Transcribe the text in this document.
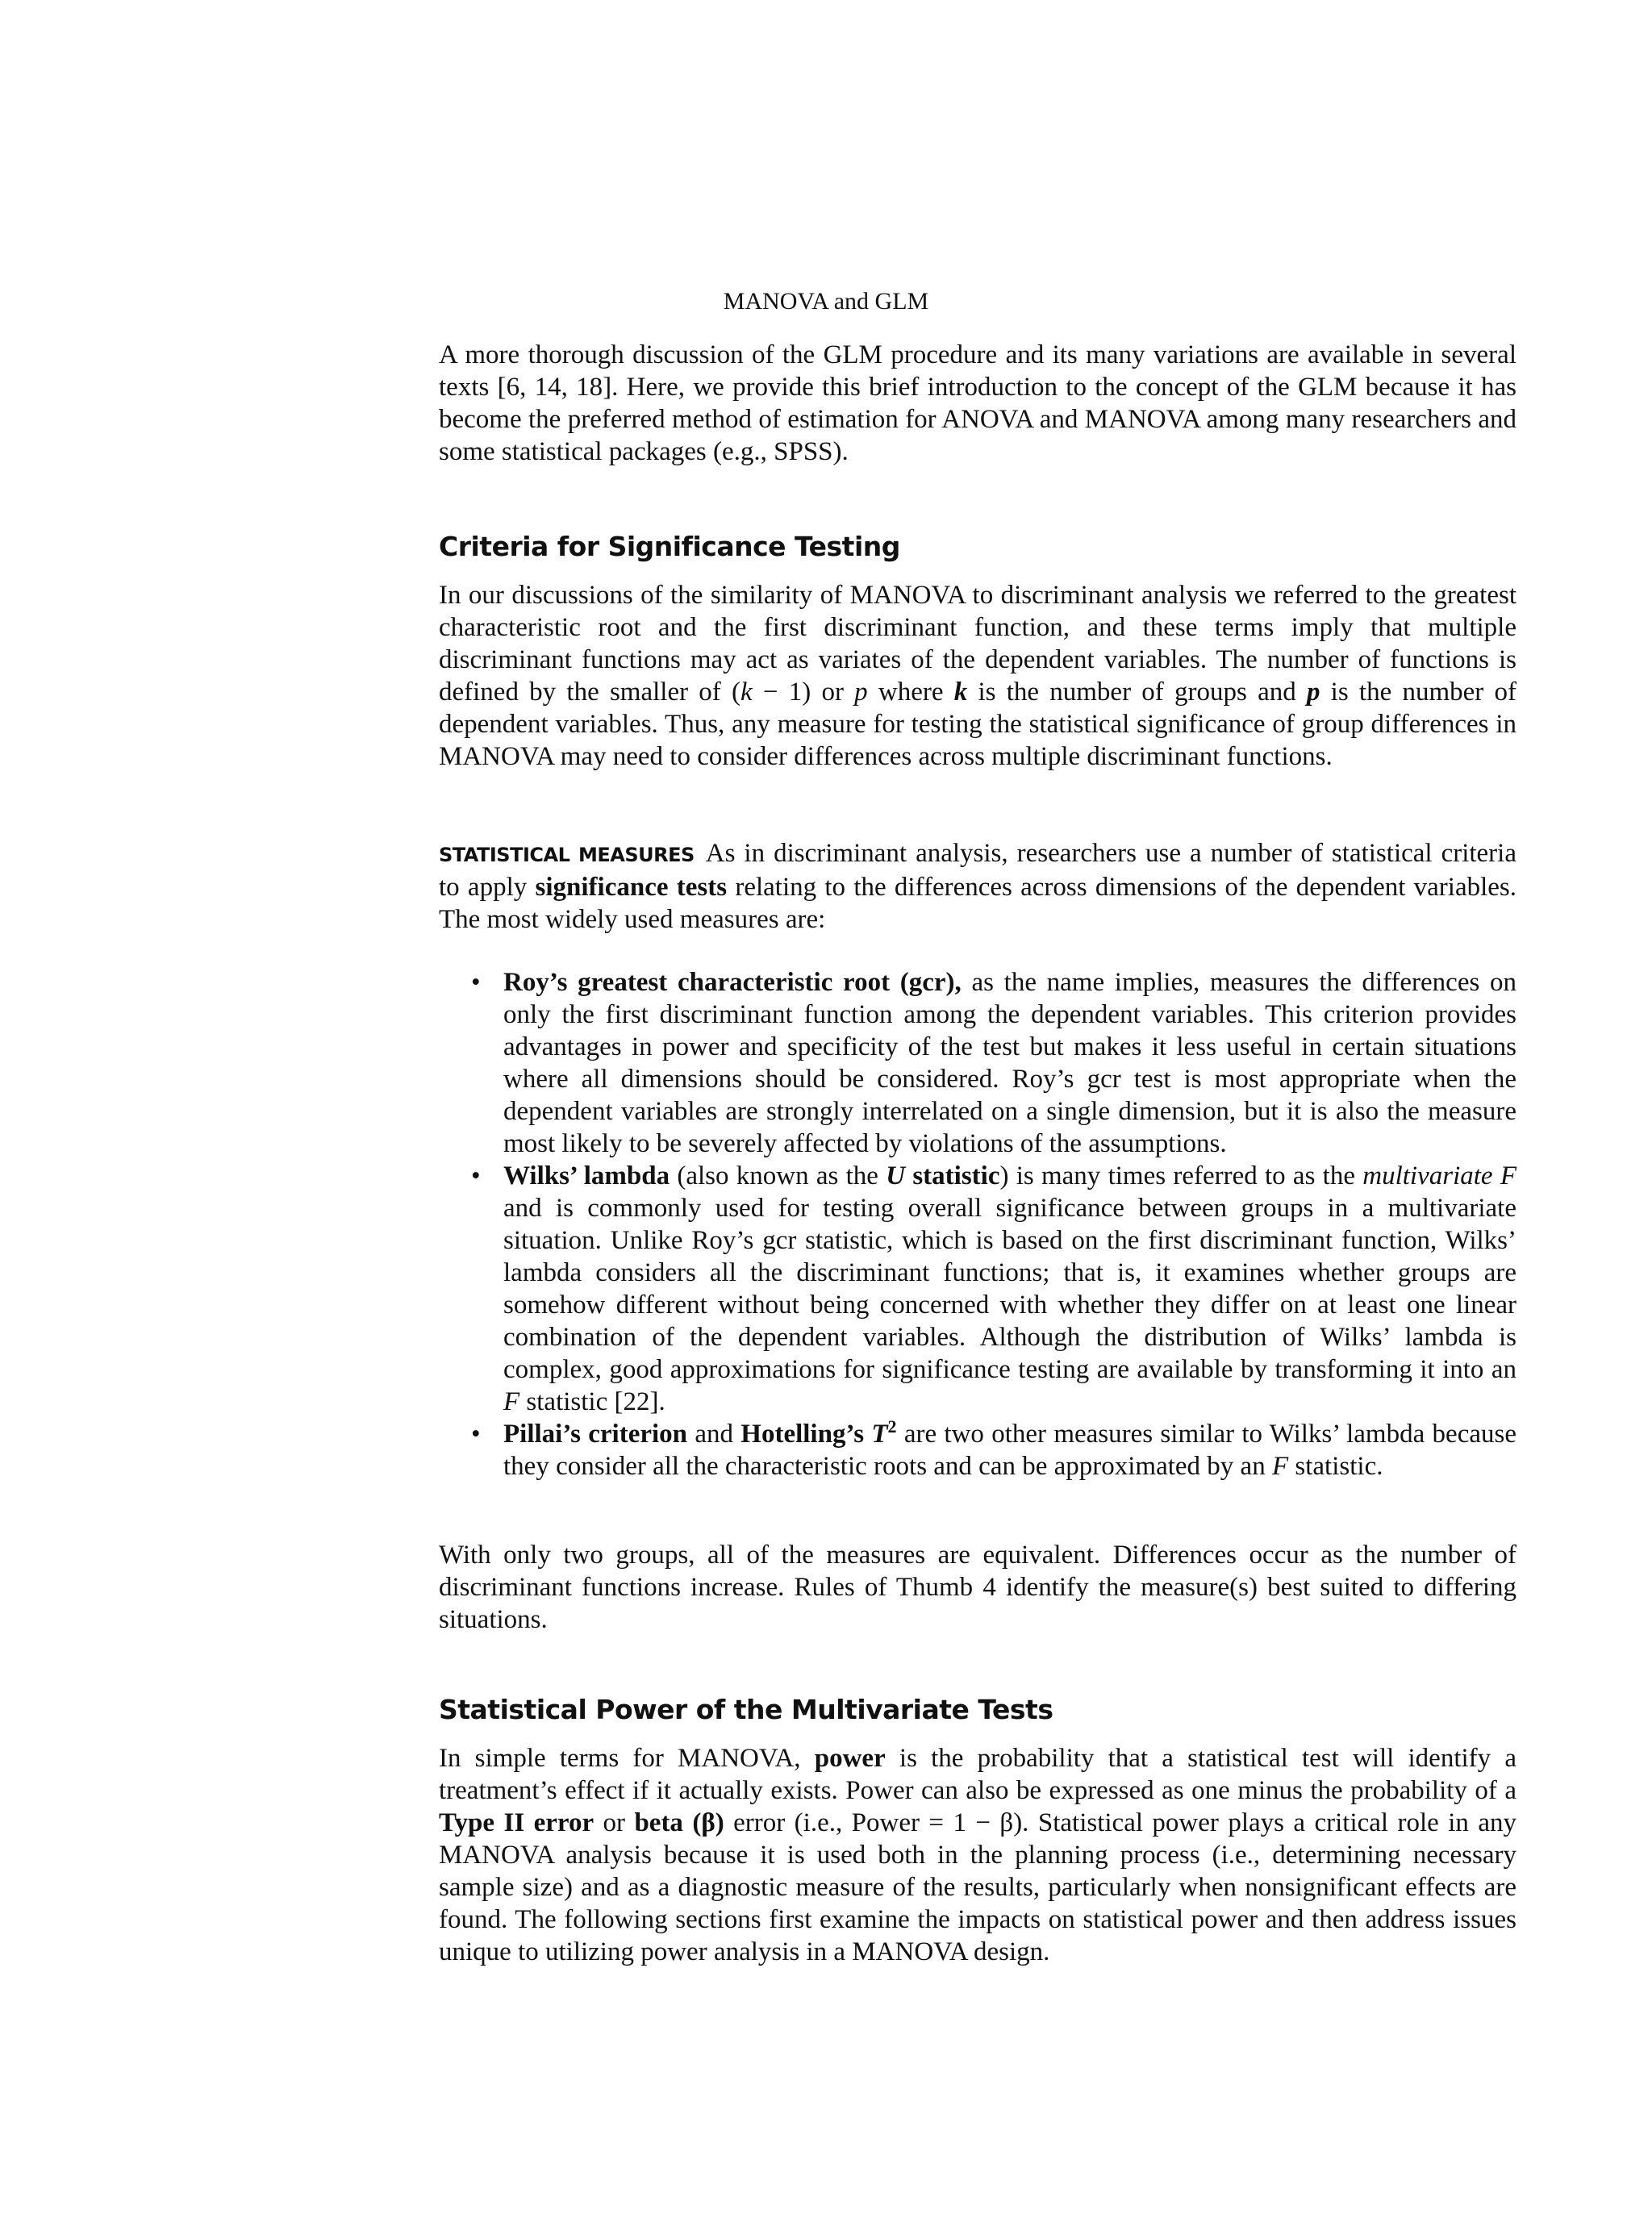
MANOVA and GLM

A more thorough discussion of the GLM procedure and its many variations are available in several texts [6, 14, 18]. Here, we provide this brief introduction to the concept of the GLM because it has become the preferred method of estimation for ANOVA and MANOVA among many researchers and some statistical packages (e.g., SPSS).

Criteria for Significance Testing

In our discussions of the similarity of MANOVA to discriminant analysis we referred to the greatest characteristic root and the first discriminant function, and these terms imply that multiple discriminant functions may act as variates of the dependent variables. The number of functions is defined by the smaller of (k − 1) or p where k is the number of groups and p is the number of dependent variables. Thus, any measure for testing the statistical significance of group differences in MANOVA may need to consider differences across multiple discriminant functions.

STATISTICAL MEASURES As in discriminant analysis, researchers use a number of statistical criteria to apply significance tests relating to the differences across dimensions of the dependent variables. The most widely used measures are:

• Roy’s greatest characteristic root (gcr), as the name implies, measures the differences on only the first discriminant function among the dependent variables. This criterion provides advantages in power and specificity of the test but makes it less useful in certain situations where all dimensions should be considered. Roy’s gcr test is most appropriate when the dependent variables are strongly interrelated on a single dimension, but it is also the measure most likely to be severely affected by violations of the assumptions.
• Wilks’ lambda (also known as the U statistic) is many times referred to as the multivariate F and is commonly used for testing overall significance between groups in a multivariate situation. Unlike Roy’s gcr statistic, which is based on the first discriminant function, Wilks’ lambda considers all the discriminant functions; that is, it examines whether groups are somehow different without being concerned with whether they differ on at least one linear combination of the dependent variables. Although the distribution of Wilks’ lambda is complex, good approximations for significance testing are available by transforming it into an F statistic [22].
• Pillai’s criterion and Hotelling’s $T^2$ are two other measures similar to Wilks’ lambda because they consider all the characteristic roots and can be approximated by an F statistic.

With only two groups, all of the measures are equivalent. Differences occur as the number of discriminant functions increase. Rules of Thumb 4 identify the measure(s) best suited to differing situations.

Statistical Power of the Multivariate Tests

In simple terms for MANOVA, power is the probability that a statistical test will identify a treatment’s effect if it actually exists. Power can also be expressed as one minus the probability of a Type II error or beta (β) error (i.e., Power = 1 − β). Statistical power plays a critical role in any MANOVA analysis because it is used both in the planning process (i.e., determining necessary sample size) and as a diagnostic measure of the results, particularly when nonsignificant effects are found. The following sections first examine the impacts on statistical power and then address issues unique to utilizing power analysis in a MANOVA design.
